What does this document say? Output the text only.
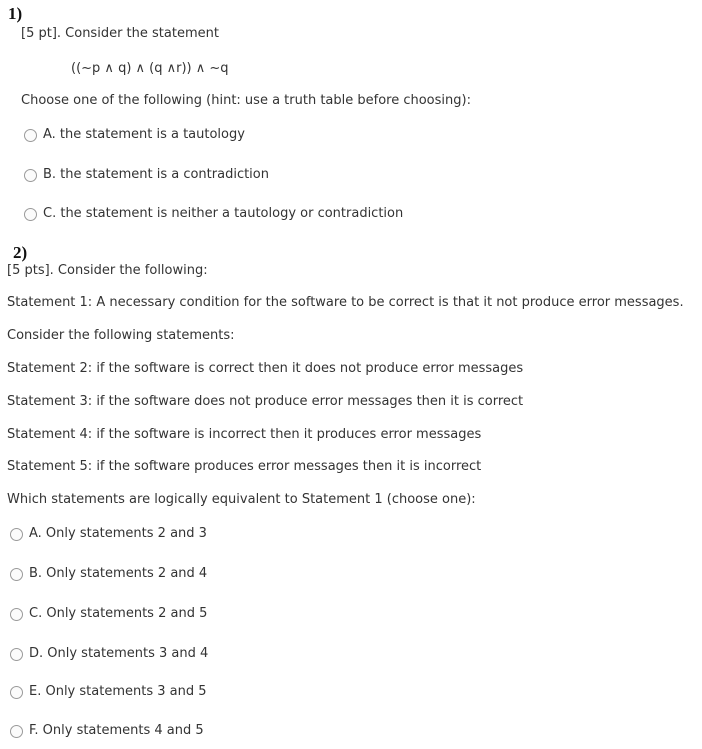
1)
[5 pt]. Consider the statement
((~p ∧ q) ∧ (q ∧r)) ∧ ~q
Choose one of the following (hint: use a truth table before choosing):
A. the statement is a tautology
B. the statement is a contradiction
C. the statement is neither a tautology or contradiction
2)
[5 pts]. Consider the following:
Statement 1: A necessary condition for the software to be correct is that it not produce error messages.
Consider the following statements:
Statement 2: if the software is correct then it does not produce error messages
Statement 3: if the software does not produce error messages then it is correct
Statement 4: if the software is incorrect then it produces error messages
Statement 5: if the software produces error messages then it is incorrect
Which statements are logically equivalent to Statement 1 (choose one):
A. Only statements 2 and 3
B. Only statements 2 and 4
C. Only statements 2 and 5
D. Only statements 3 and 4
E. Only statements 3 and 5
F. Only statements 4 and 5
